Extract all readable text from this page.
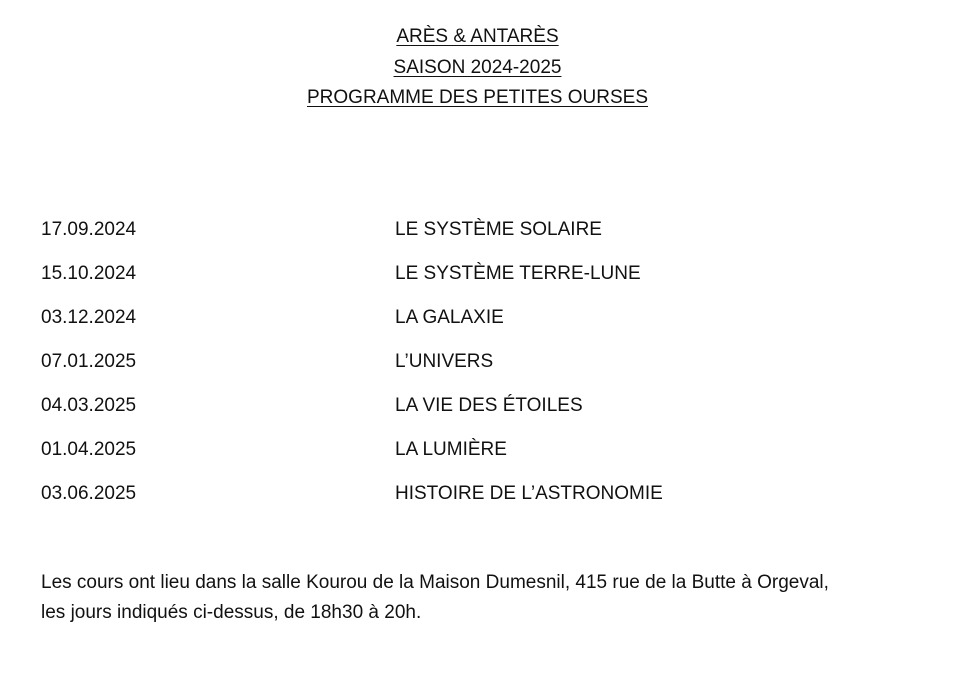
ARÈS & ANTARÈS
SAISON 2024-2025
PROGRAMME DES PETITES OURSES
17.09.2024	LE SYSTÈME SOLAIRE
15.10.2024	LE SYSTÈME TERRE-LUNE
03.12.2024	LA GALAXIE
07.01.2025	L’UNIVERS
04.03.2025	LA VIE DES ÉTOILES
01.04.2025	LA LUMIÈRE
03.06.2025	HISTOIRE DE L’ASTRONOMIE
Les cours ont lieu dans la salle Kourou de la Maison Dumesnil, 415 rue de la Butte à Orgeval,
les jours indiqués ci-dessus, de 18h30 à 20h.
